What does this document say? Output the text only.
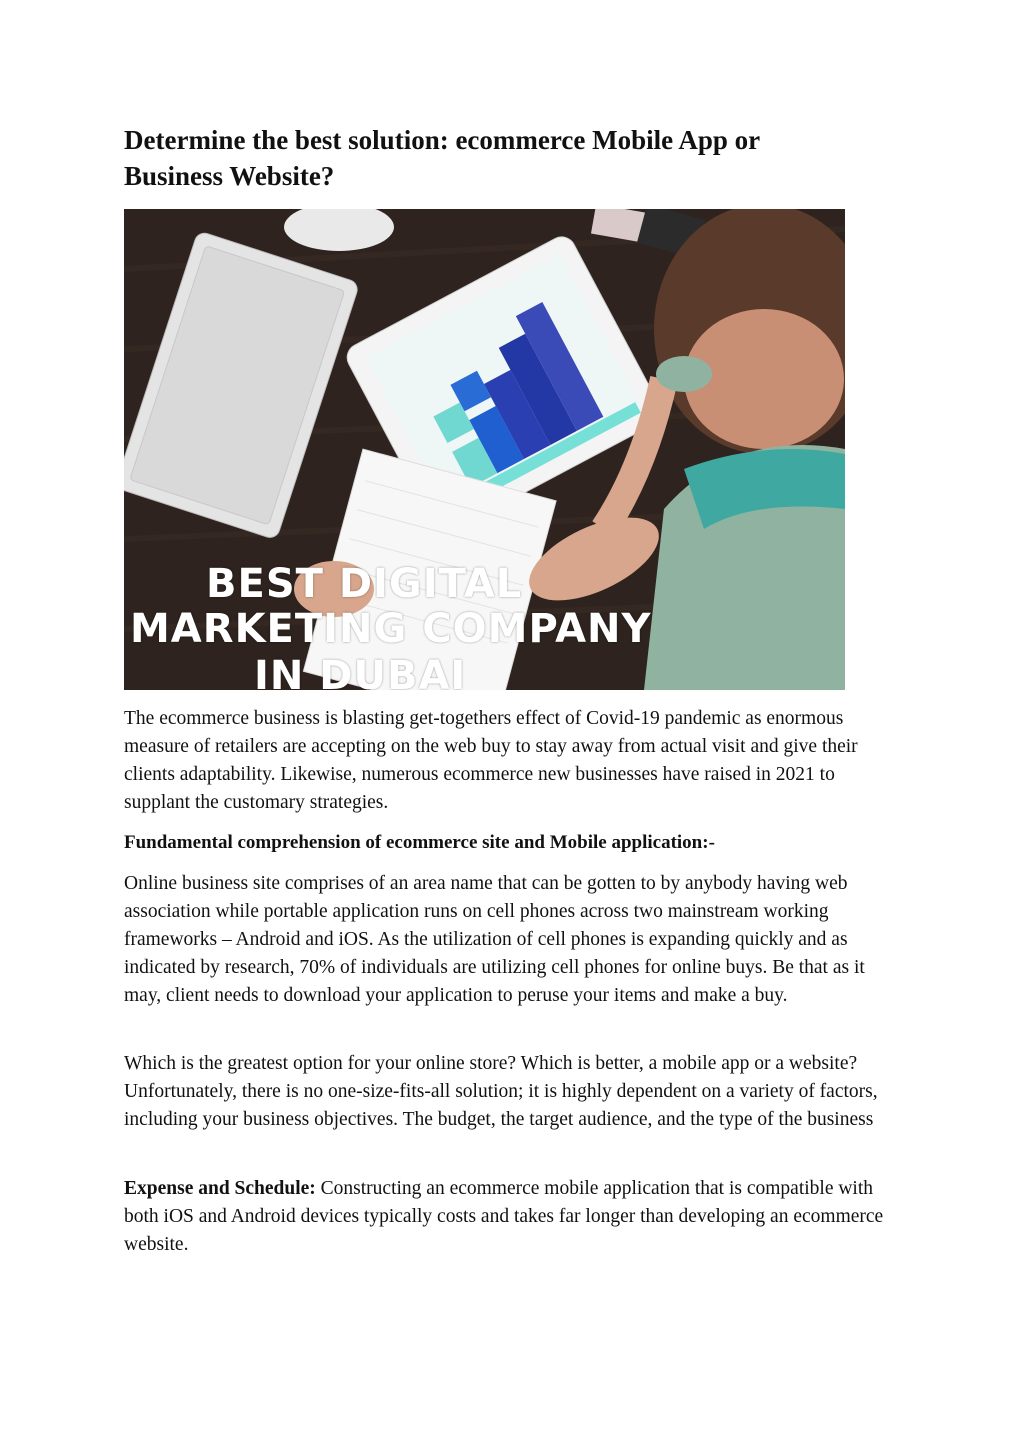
Determine the best solution: ecommerce Mobile App or Business Website?
BEST DIGITAL
MARKETING COMPANY
IN DUBAI

The ecommerce business is blasting get-togethers effect of Covid-19 pandemic as enormous measure of retailers are accepting on the web buy to stay away from actual visit and give their clients adaptability. Likewise, numerous ecommerce new businesses have raised in 2021 to supplant the customary strategies.

Fundamental comprehension of ecommerce site and Mobile application:-

Online business site comprises of an area name that can be gotten to by anybody having web association while portable application runs on cell phones across two mainstream working frameworks – Android and iOS. As the utilization of cell phones is expanding quickly and as indicated by research, 70% of individuals are utilizing cell phones for online buys. Be that as it may, client needs to download your application to peruse your items and make a buy.

Which is the greatest option for your online store? Which is better, a mobile app or a website? Unfortunately, there is no one-size-fits-all solution; it is highly dependent on a variety of factors, including your business objectives. The budget, the target audience, and the type of the business

Expense and Schedule: Constructing an ecommerce mobile application that is compatible with both iOS and Android devices typically costs and takes far longer than developing an ecommerce website.
